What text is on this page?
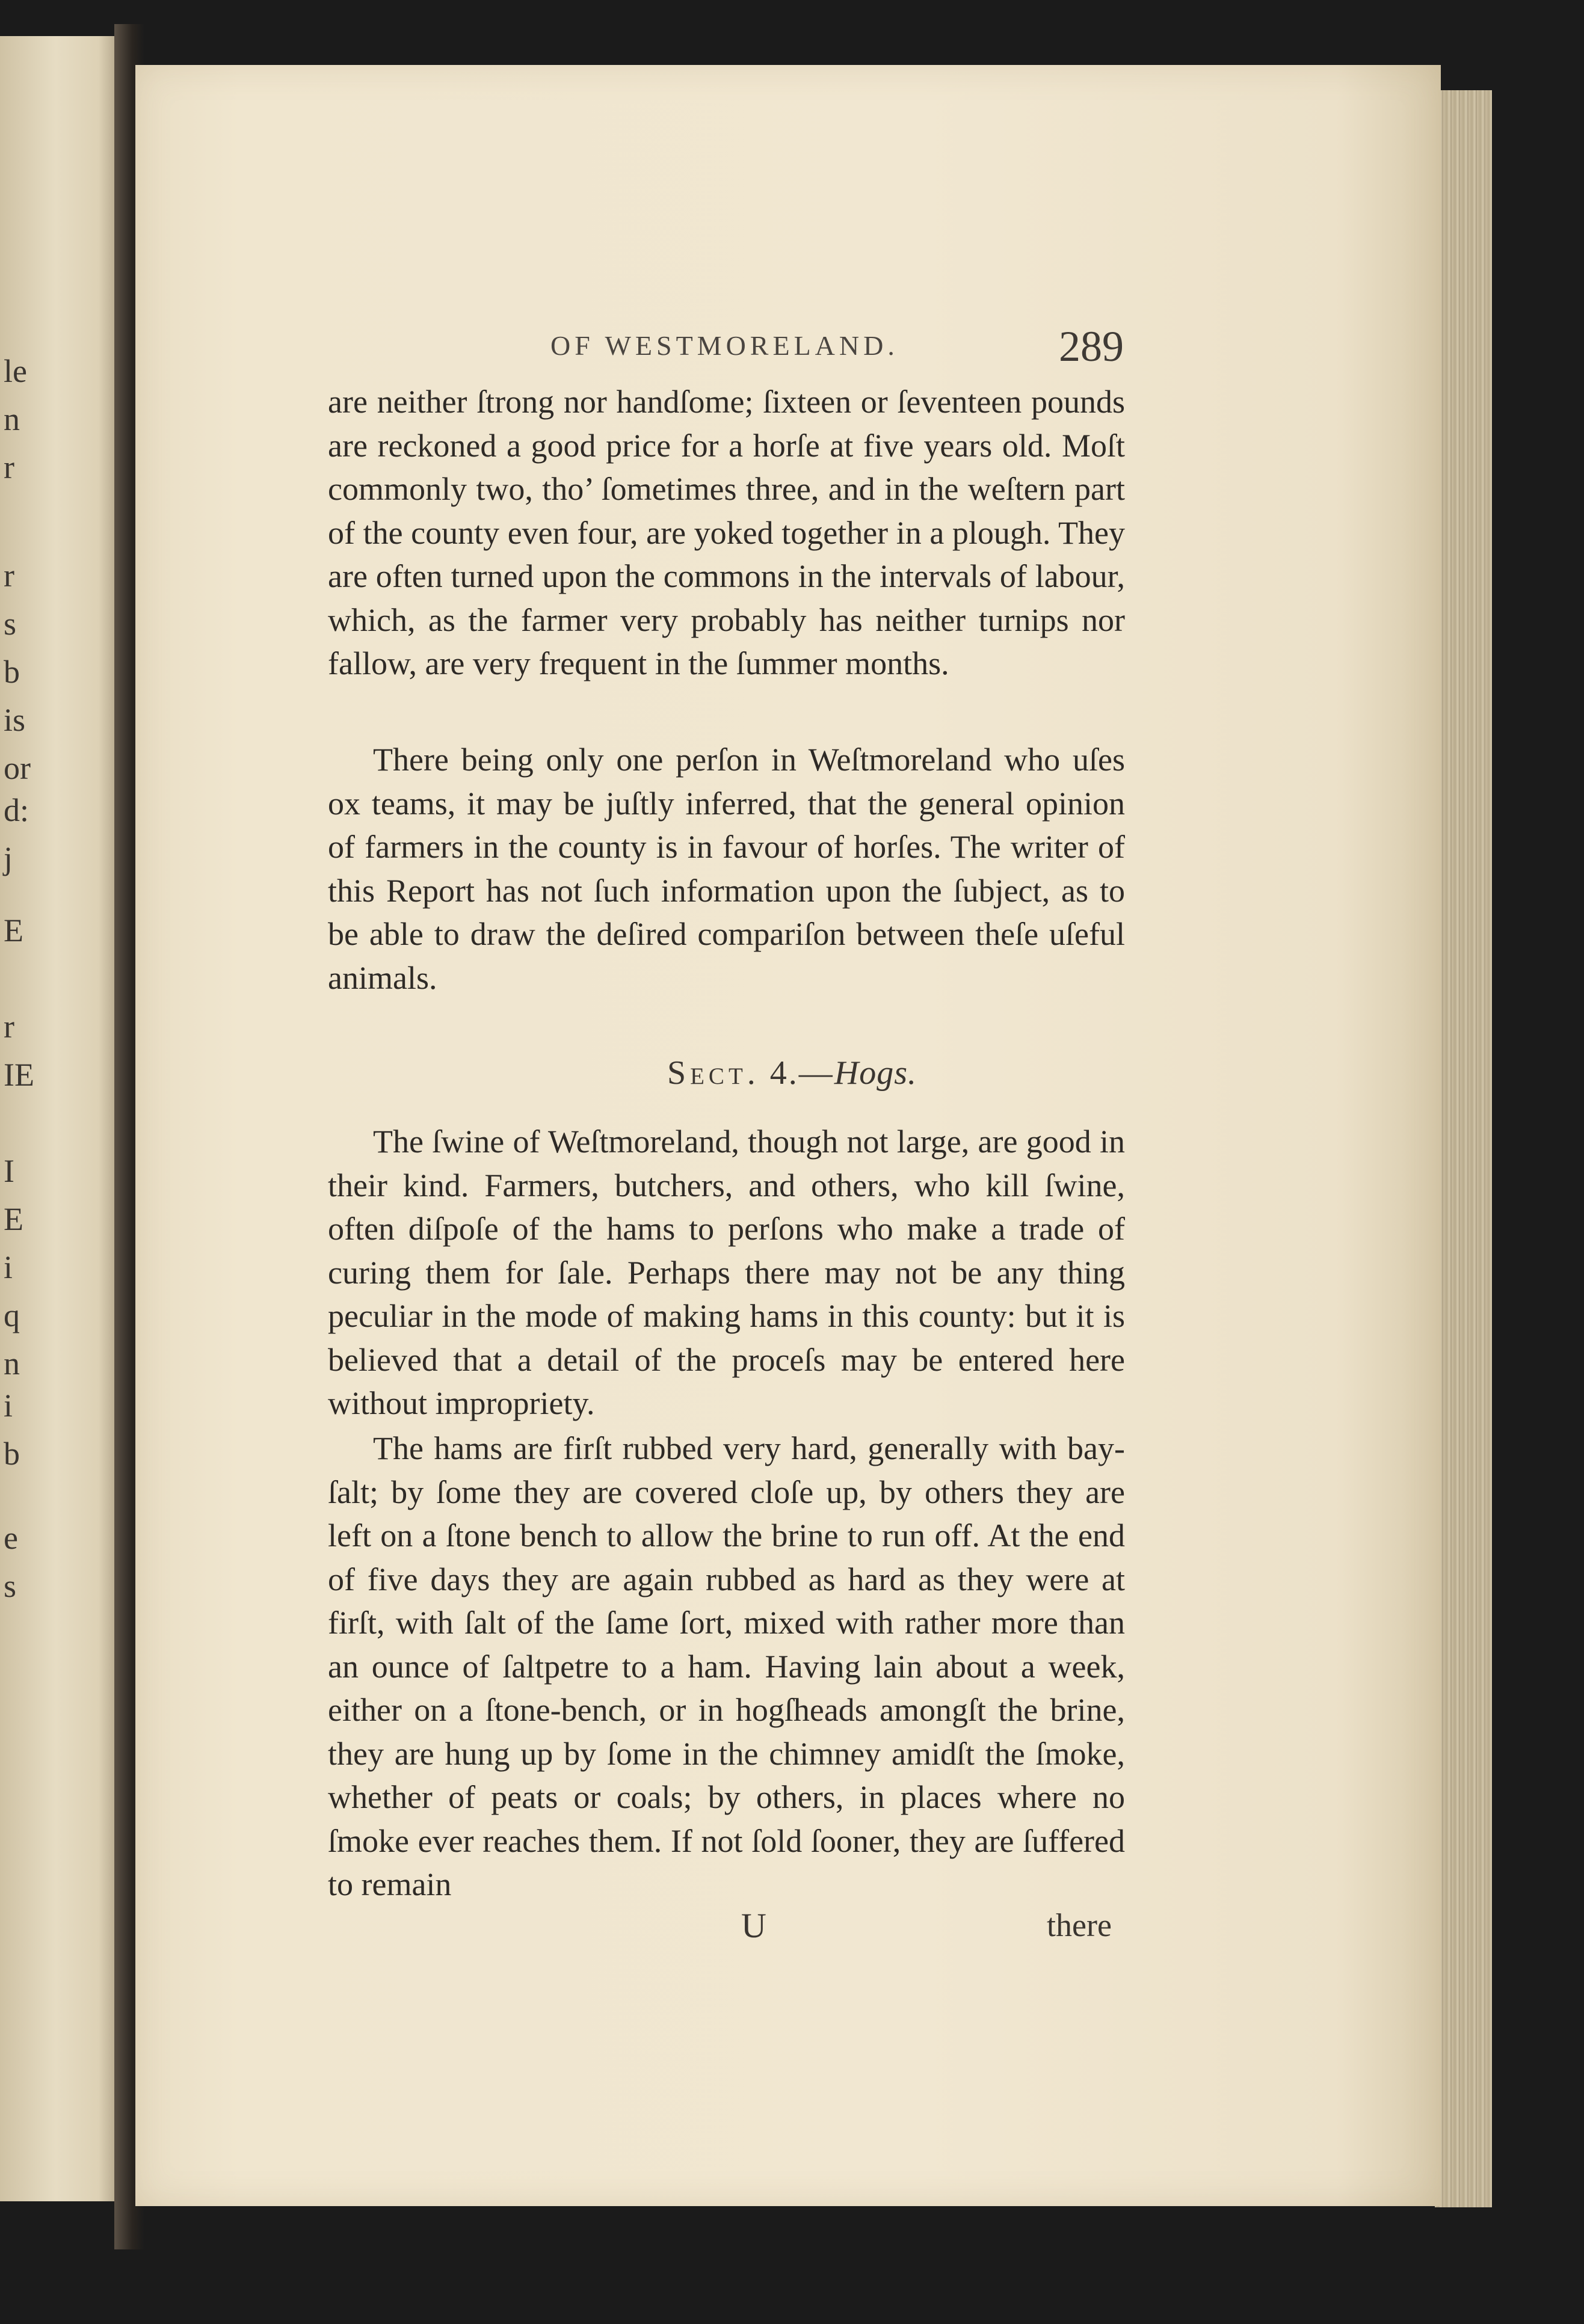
le
n
r
r
s
b
is
or
d:
j
E
r
IE
I
E
i
q
n
i
b
e
s
OF WESTMORELAND.	289

are neither ſtrong nor handſome; ſixteen or ſeventeen pounds are reckoned a good price for a horſe at five years old. Moſt commonly two, tho’ ſometimes three, and in the weſtern part of the county even four, are yoked together in a plough. They are often turned upon the commons in the intervals of labour, which, as the farmer very probably has neither turnips nor fallow, are very frequent in the ſummer months.

There being only one perſon in Weſtmoreland who uſes ox teams, it may be juſtly inferred, that the general opinion of farmers in the county is in favour of horſes. The writer of this Report has not ſuch information upon the ſubject, as to be able to draw the deſired compariſon between theſe uſeful animals.

Sect. 4.—Hogs.

The ſwine of Weſtmoreland, though not large, are good in their kind. Farmers, butchers, and others, who kill ſwine, often diſpoſe of the hams to perſons who make a trade of curing them for ſale. Perhaps there may not be any thing peculiar in the mode of making hams in this county: but it is believed that a detail of the proceſs may be entered here without impropriety.

The hams are firſt rubbed very hard, generally with bay-ſalt; by ſome they are covered cloſe up, by others they are left on a ſtone bench to allow the brine to run off. At the end of five days they are again rubbed as hard as they were at firſt, with ſalt of the ſame ſort, mixed with rather more than an ounce of ſaltpetre to a ham. Having lain about a week, either on a ſtone-bench, or in hogſheads amongſt the brine, they are hung up by ſome in the chimney amidſt the ſmoke, whether of peats or coals; by others, in places where no ſmoke ever reaches them. If not ſold ſooner, they are ſuffered to remain

U	there
